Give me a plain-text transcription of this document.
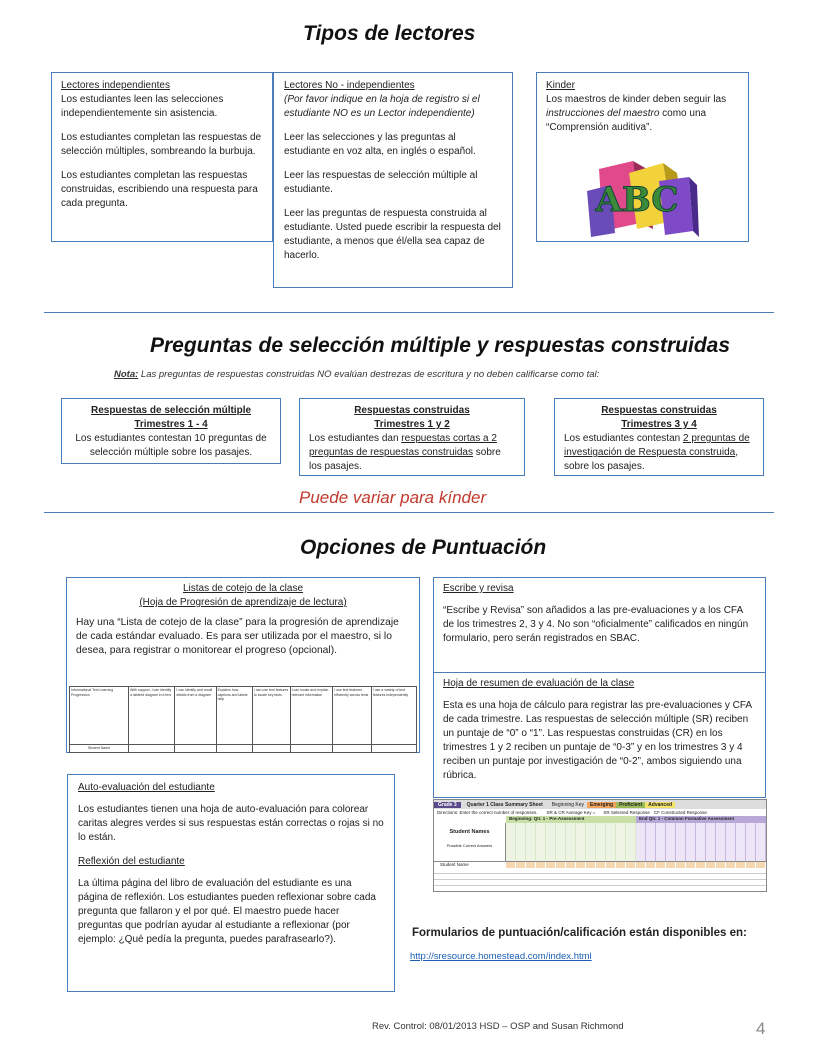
Tipos de lectores
Lectores independientes

Los estudiantes leen las selecciones independientemente sin asistencia.

Los estudiantes completan las respuestas de selección múltiples, sombreando la burbuja.

Los estudiantes completan las respuestas construidas, escribiendo una respuesta para cada pregunta.

Lectores No - independientes

(Por favor indique en la hoja de registro si el estudiante NO es un Lector independiente)

Leer las selecciones y las preguntas al estudiante en voz alta, en inglés o español.

Leer las respuestas de selección múltiple al estudiante.

Leer las preguntas de respuesta construida al estudiante. Usted puede escribir la respuesta del estudiante, a menos que él/ella sea capaz de hacerlo.

Kinder
Los maestros de kinder deben seguir las instrucciones del maestro como una “Comprensión auditiva”.
ABC
Preguntas de selección múltiple y respuestas construidas
Nota: Las preguntas de respuestas construidas NO evalúan destrezas de escritura y no deben calificarse como tal:
Respuestas de selección múltiple
Trimestres 1 - 4
Los estudiantes contestan 10 preguntas de selección múltiple sobre los pasajes.
Respuestas construidas
Trimestres 1 y 2
Los estudiantes dan respuestas cortas a 2 preguntas de respuestas construidas sobre los pasajes.
Respuestas construidas
Trimestres 3 y 4
Los estudiantes contestan 2 preguntas de investigación de Respuesta construida, sobre los pasajes.
Puede variar para kínder
Opciones de Puntuación
Listas de cotejo de la clase
(Hoja de Progresión de aprendizaje de lectura)
Hay una “Lista de cotejo de la clase” para la progresión de aprendizaje de cada estándar evaluado. Es para ser utilizada por el maestro, si lo desea, para registrar o monitorear el progreso (opcional).
Informational Text Learning Progression	With support, I can identify a labeled diagram in a text	I can identify and recall details from a diagram	Explains how captions and labels help	I can use text features to locate key facts	I can locate and explain relevant information	I use text features efficiently across texts	I use a variety of text features independently
Student Name							
Auto-evaluación del estudiante

Los estudiantes tienen una hoja de auto-evaluación para colorear caritas alegres verdes si sus respuestas están correctas o rojas si no lo están.

Reflexión del estudiante

La última página del libro de evaluación del estudiante es una página de reflexión. Los estudiantes pueden reflexionar sobre cada pregunta que fallaron y el por qué. El maestro puede hacer preguntas que podrían ayudar al estudiante a reflexionar (por ejemplo: ¿Qué pedía la pregunta, puedes parafrasearlo?).

Escribe y revisa
“Escribe y Revisa” son añadidos a las pre-evaluaciones y a los CFA de los trimestres 2, 3 y 4. No son “oficialmente” calificados en ningún formulario, pero serán registrados en SBAC.
Hoja de resumen de evaluación de la clase
Esta es una hoja de cálculo para registrar las pre-evaluaciones y CFA de cada trimestre. Las respuestas de selección múltiple (SR) reciben un puntaje de “0” o “1”. Las respuestas construidas (CR) en los trimestres 1 y 2 reciben un puntaje de “0-3” y en los trimestres 3 y 4 reciben un puntaje por investigación de “0-2”, ambos siguiendo una rúbrica.
Grade 3	Quarter 1 Class Summary Sheet	Beginning Key	Emerging	Proficient	Advanced
Directions: Enter the correct number of responses.	SR & CR Average Key =	SR Selected Response CF Constructed Response
Beginning: Qtr. 1 - Pre-Assessment	End Qtr. 1 - Common Formative Assessment
Student Names
Possible Correct Answers
Student Name
Formularios de puntuación/calificación están disponibles en:
http://sresource.homestead.com/index.html
Rev. Control: 08/01/2013 HSD – OSP and Susan Richmond	4
